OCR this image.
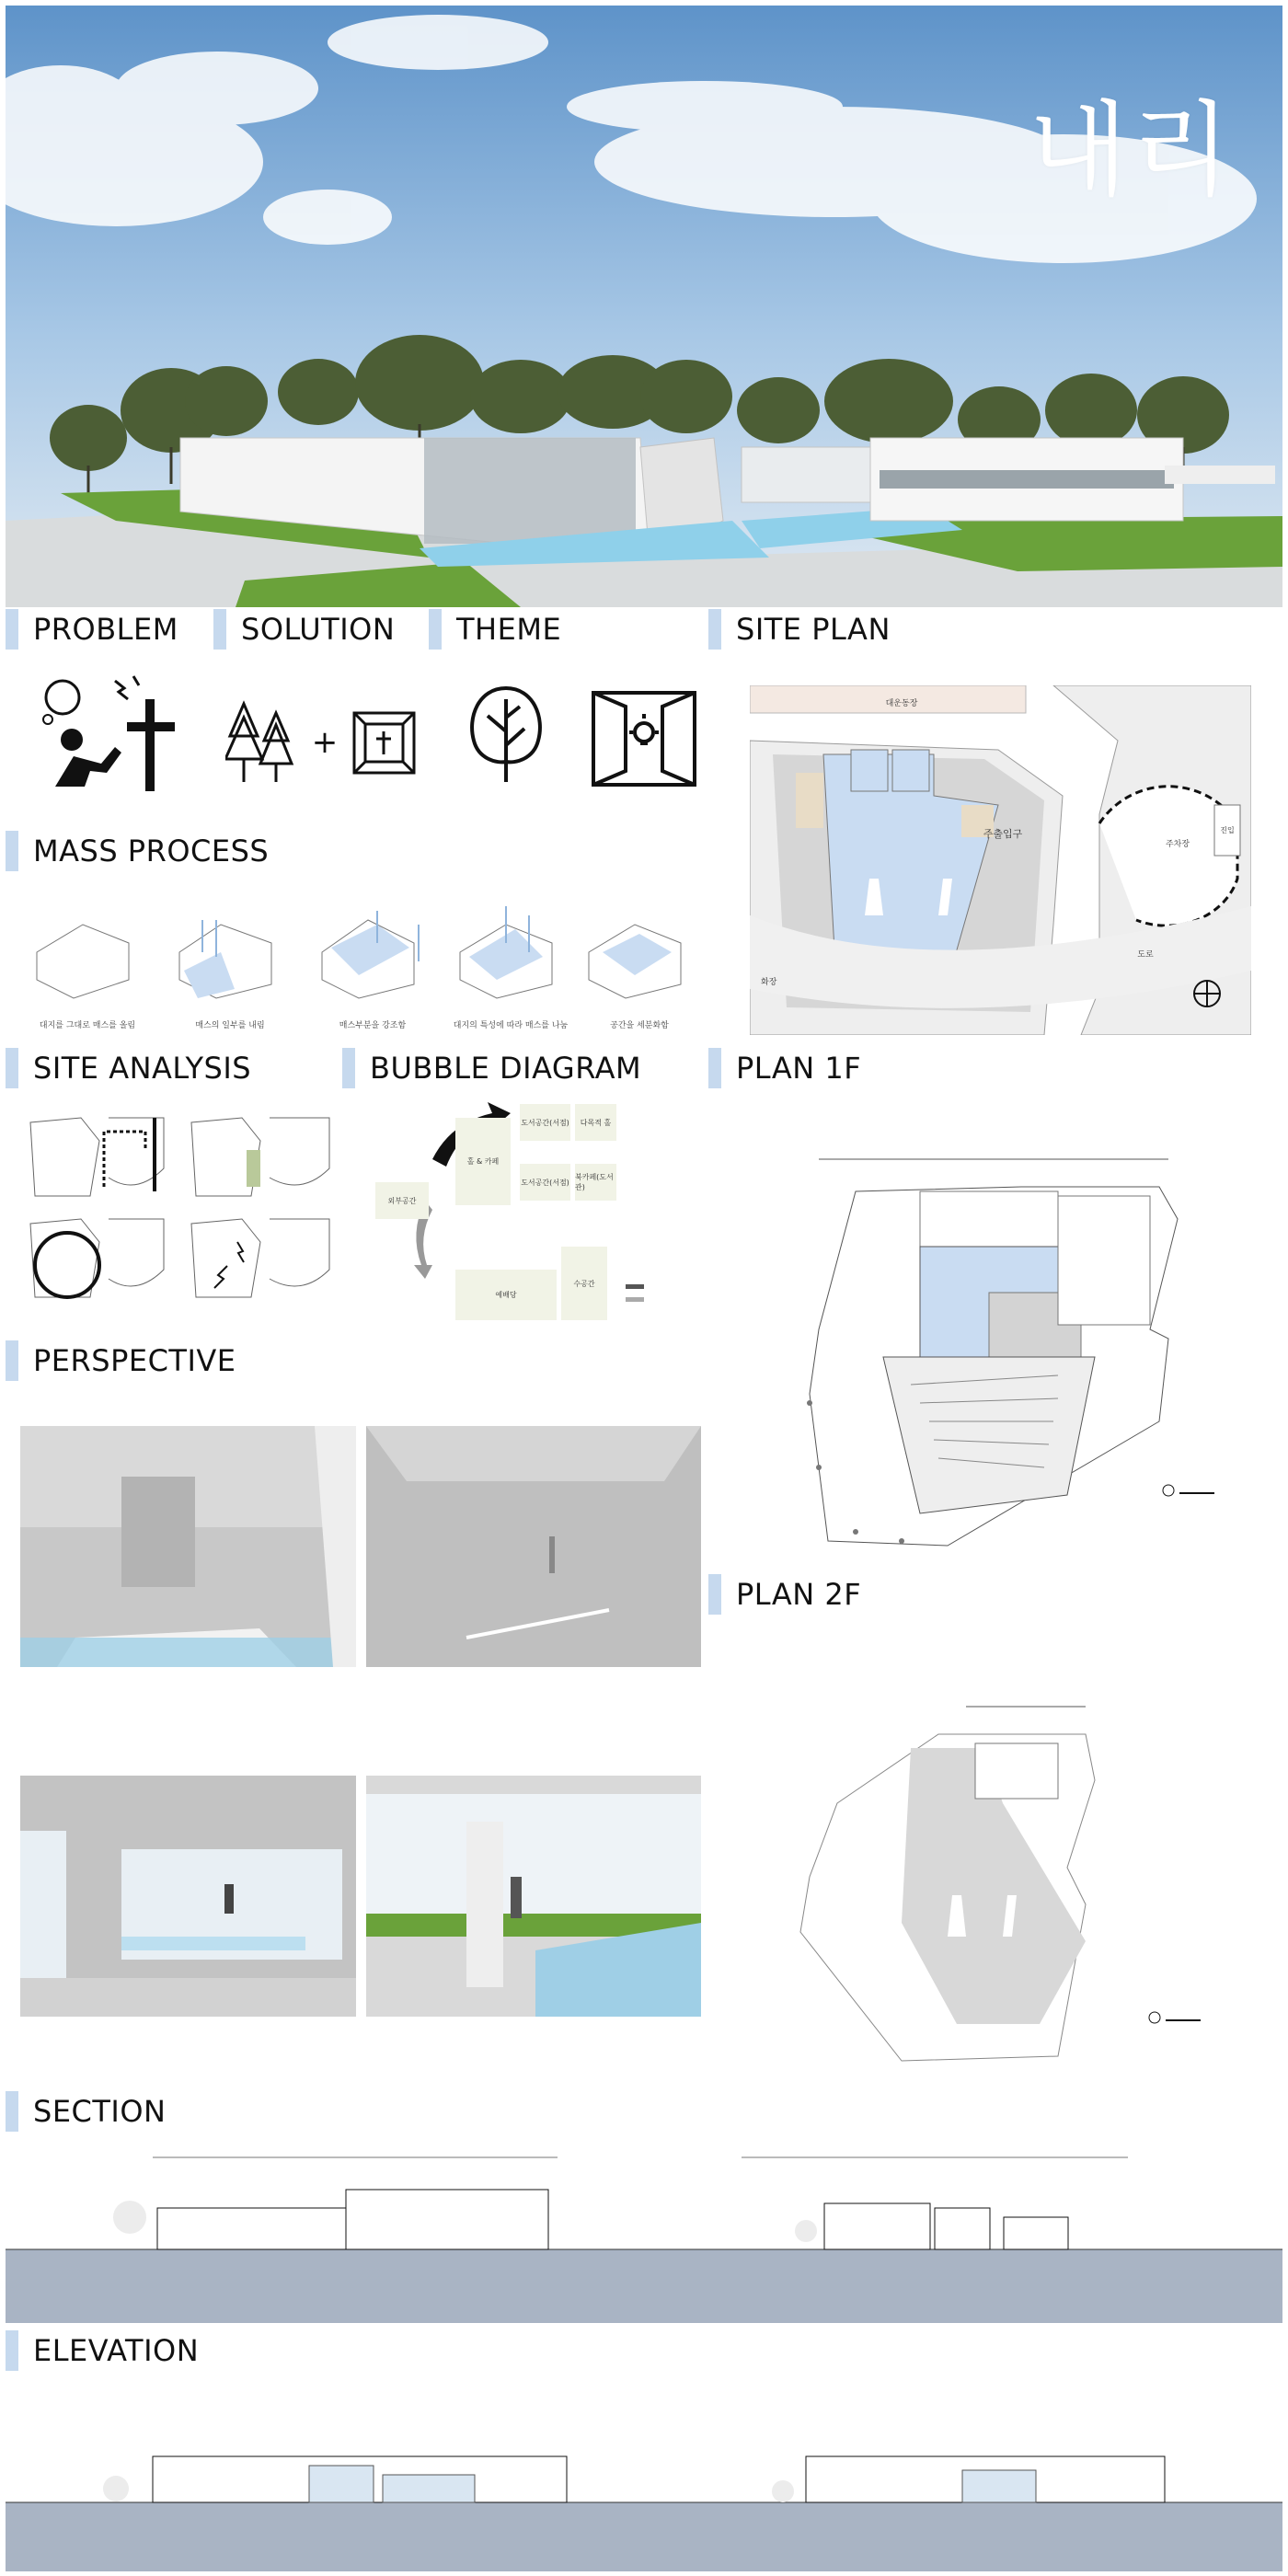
내리
PROBLEM SOLUTION THEME	SITE PLAN
+
대운동장
주출입구
주차장
도로
화장
진입
MASS PROCESS
대지를 그대로 매스를 올림	매스의 일부를 내림	매스부분을 강조함	대지의 특성에 따라 매스를 나눔	공간을 세분화함
SITE ANALYSIS	BUBBLE DIAGRAM	PLAN 1F
도서공간(서점)	다목적 홀
도서공간(서점)
북카페(도서관)
홀 & 카페
외부공간
예배당
수공간
PERSPECTIVE
PLAN 2F
SECTION
ELEVATION
